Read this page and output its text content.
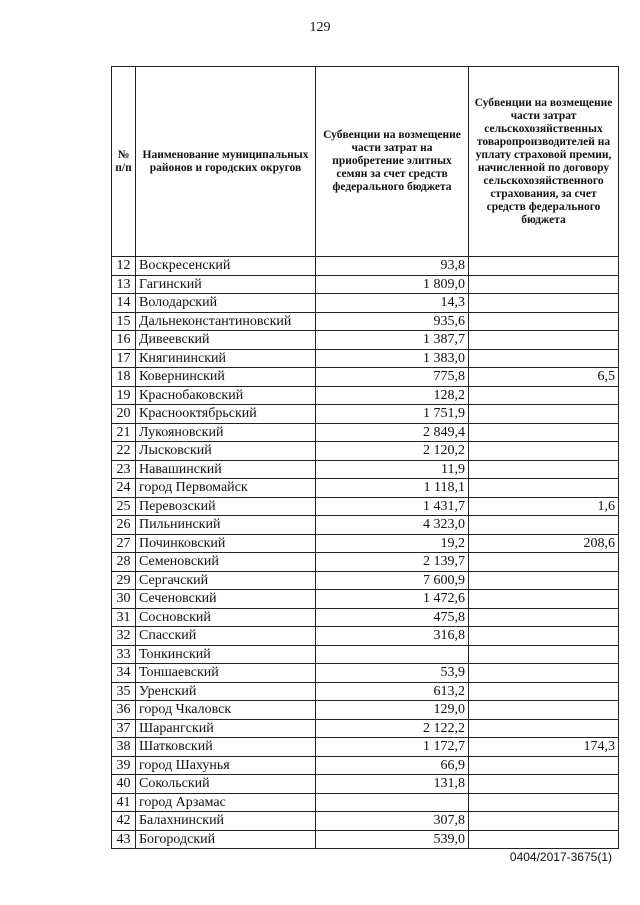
129
№ п/п	Наименование муниципальных районов и городских округов	Субвенции на возмещение части затрат на приобретение элитных семян за счет средств федерального бюджета	Субвенции на возмещение части затрат сельскохозяйственных товаропроизводителей на уплату страховой премии, начисленной по договору сельскохозяйственного страхования, за счет средств федерального бюджета
12	Воскресенский	93,8	
13	Гагинский	1 809,0	
14	Володарский	14,3	
15	Дальнеконстантиновский	935,6	
16	Дивеевский	1 387,7	
17	Княгининский	1 383,0	
18	Ковернинский	775,8	6,5
19	Краснобаковский	128,2	
20	Краснооктябрьский	1 751,9	
21	Лукояновский	2 849,4	
22	Лысковский	2 120,2	
23	Навашинский	11,9	
24	город Первомайск	1 118,1	
25	Перевозский	1 431,7	1,6
26	Пильнинский	4 323,0	
27	Починковский	19,2	208,6
28	Семеновский	2 139,7	
29	Сергачский	7 600,9	
30	Сеченовский	1 472,6	
31	Сосновский	475,8	
32	Спасский	316,8	
33	Тонкинский		
34	Тоншаевский	53,9	
35	Уренский	613,2	
36	город Чкаловск	129,0	
37	Шарангский	2 122,2	
38	Шатковский	1 172,7	174,3
39	город Шахунья	66,9	
40	Сокольский	131,8	
41	город Арзамас		
42	Балахнинский	307,8	
43	Богородский	539,0	
0404/2017-3675(1)
